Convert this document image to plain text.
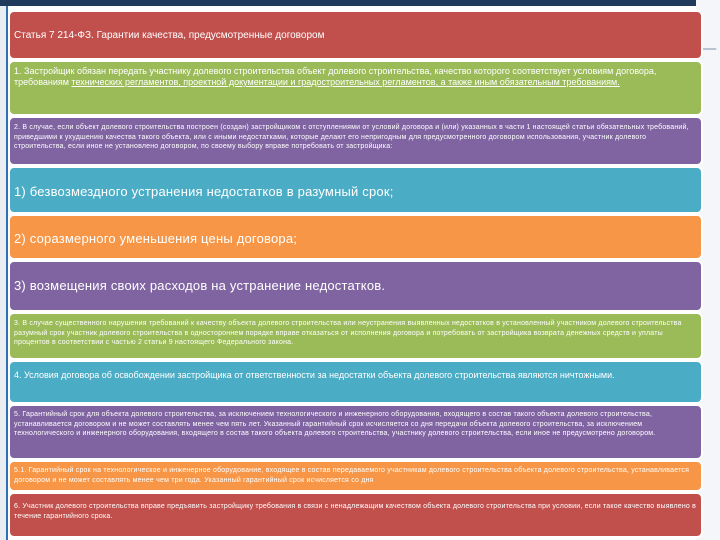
Статья 7 214-ФЗ. Гарантии качества, предусмотренные договором
1. Застройщик обязан передать участнику долевого строительства объект долевого строительства, качество которого соответствует условиям договора, требованиям технических регламентов, проектной документации и градостроительных регламентов, а также иным обязательным требованиям.
2. В случае, если объект долевого строительства построен (создан) застройщиком с отступлениями от условий договора и (или) указанных в части 1 настоящей статьи обязательных требований, приведшими к ухудшению качества такого объекта, или с иными недостатками, которые делают его непригодным для предусмотренного договором использования, участник долевого строительства, если иное не установлено договором, по своему выбору вправе потребовать от застройщика:
1) безвозмездного устранения недостатков в разумный срок;
2) соразмерного уменьшения цены договора;
3) возмещения своих расходов на устранение недостатков.
3. В случае существенного нарушения требований к качеству объекта долевого строительства или неустранения выявленных недостатков в установленный участником долевого строительства разумный срок участник долевого строительства в одностороннем порядке вправе отказаться от исполнения договора и потребовать от застройщика возврата денежных средств и уплаты процентов в соответствии с частью 2 статьи 9 настоящего Федерального закона.
4. Условия договора об освобождении застройщика от ответственности за недостатки объекта долевого строительства являются ничтожными.
5. Гарантийный срок для объекта долевого строительства, за исключением технологического и инженерного оборудования, входящего в состав такого объекта долевого строительства, устанавливается договором и не может составлять менее чем пять лет. Указанный гарантийный срок исчисляется со дня передачи объекта долевого строительства, за исключением технологического и инженерного оборудования, входящего в состав такого объекта долевого строительства, участнику долевого строительства, если иное не предусмотрено договором.
5.1. Гарантийный срок на технологическое и инженерное оборудование, входящее в состав передаваемого участникам долевого строительства объекта долевого строительства, устанавливается договором и не может составлять менее чем три года. Указанный гарантийный срок исчисляется со дня
6. Участник долевого строительства вправе предъявить застройщику требования в связи с ненадлежащим качеством объекта долевого строительства при условии, если такое качество выявлено в течение гарантийного срока.
